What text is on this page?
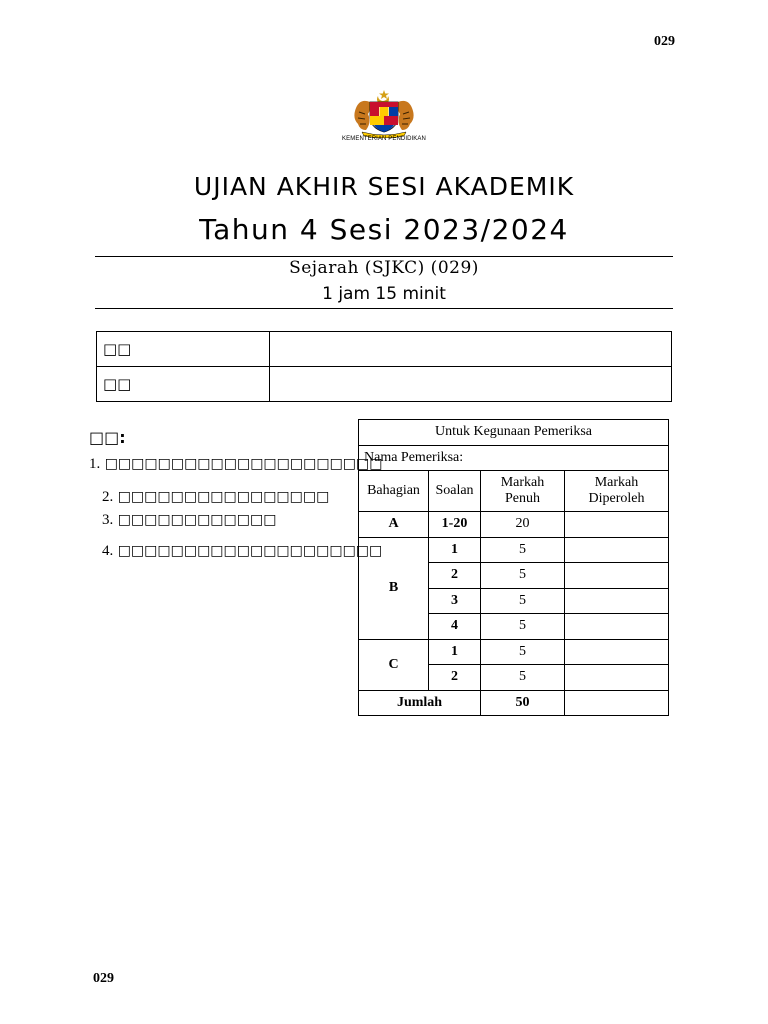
029
KEMENTERIAN PENDIDIKAN
UJIAN AKHIR SESI AKADEMIK
Tahun 4 Sesi 2023/2024
Sejarah (SJKC) (029)
1 jam 15 minit
□□	
□□	
□□:
1. □□□□□□□□□□□□□□□□□□□□□
2. □□□□□□□□□□□□□□□□
3. □□□□□□□□□□□□
4. □□□□□□□□□□□□□□□□□□□□
Untuk Kegunaan Pemeriksa			
Nama Pemeriksa:			
Bahagian	Soalan	Markah Penuh	Markah Diperoleh
A	1-20	20	
B	1	5	
	2	5	
	3	5	
	4	5	
C	1	5	
	2	5	
Jumlah		50	
029
